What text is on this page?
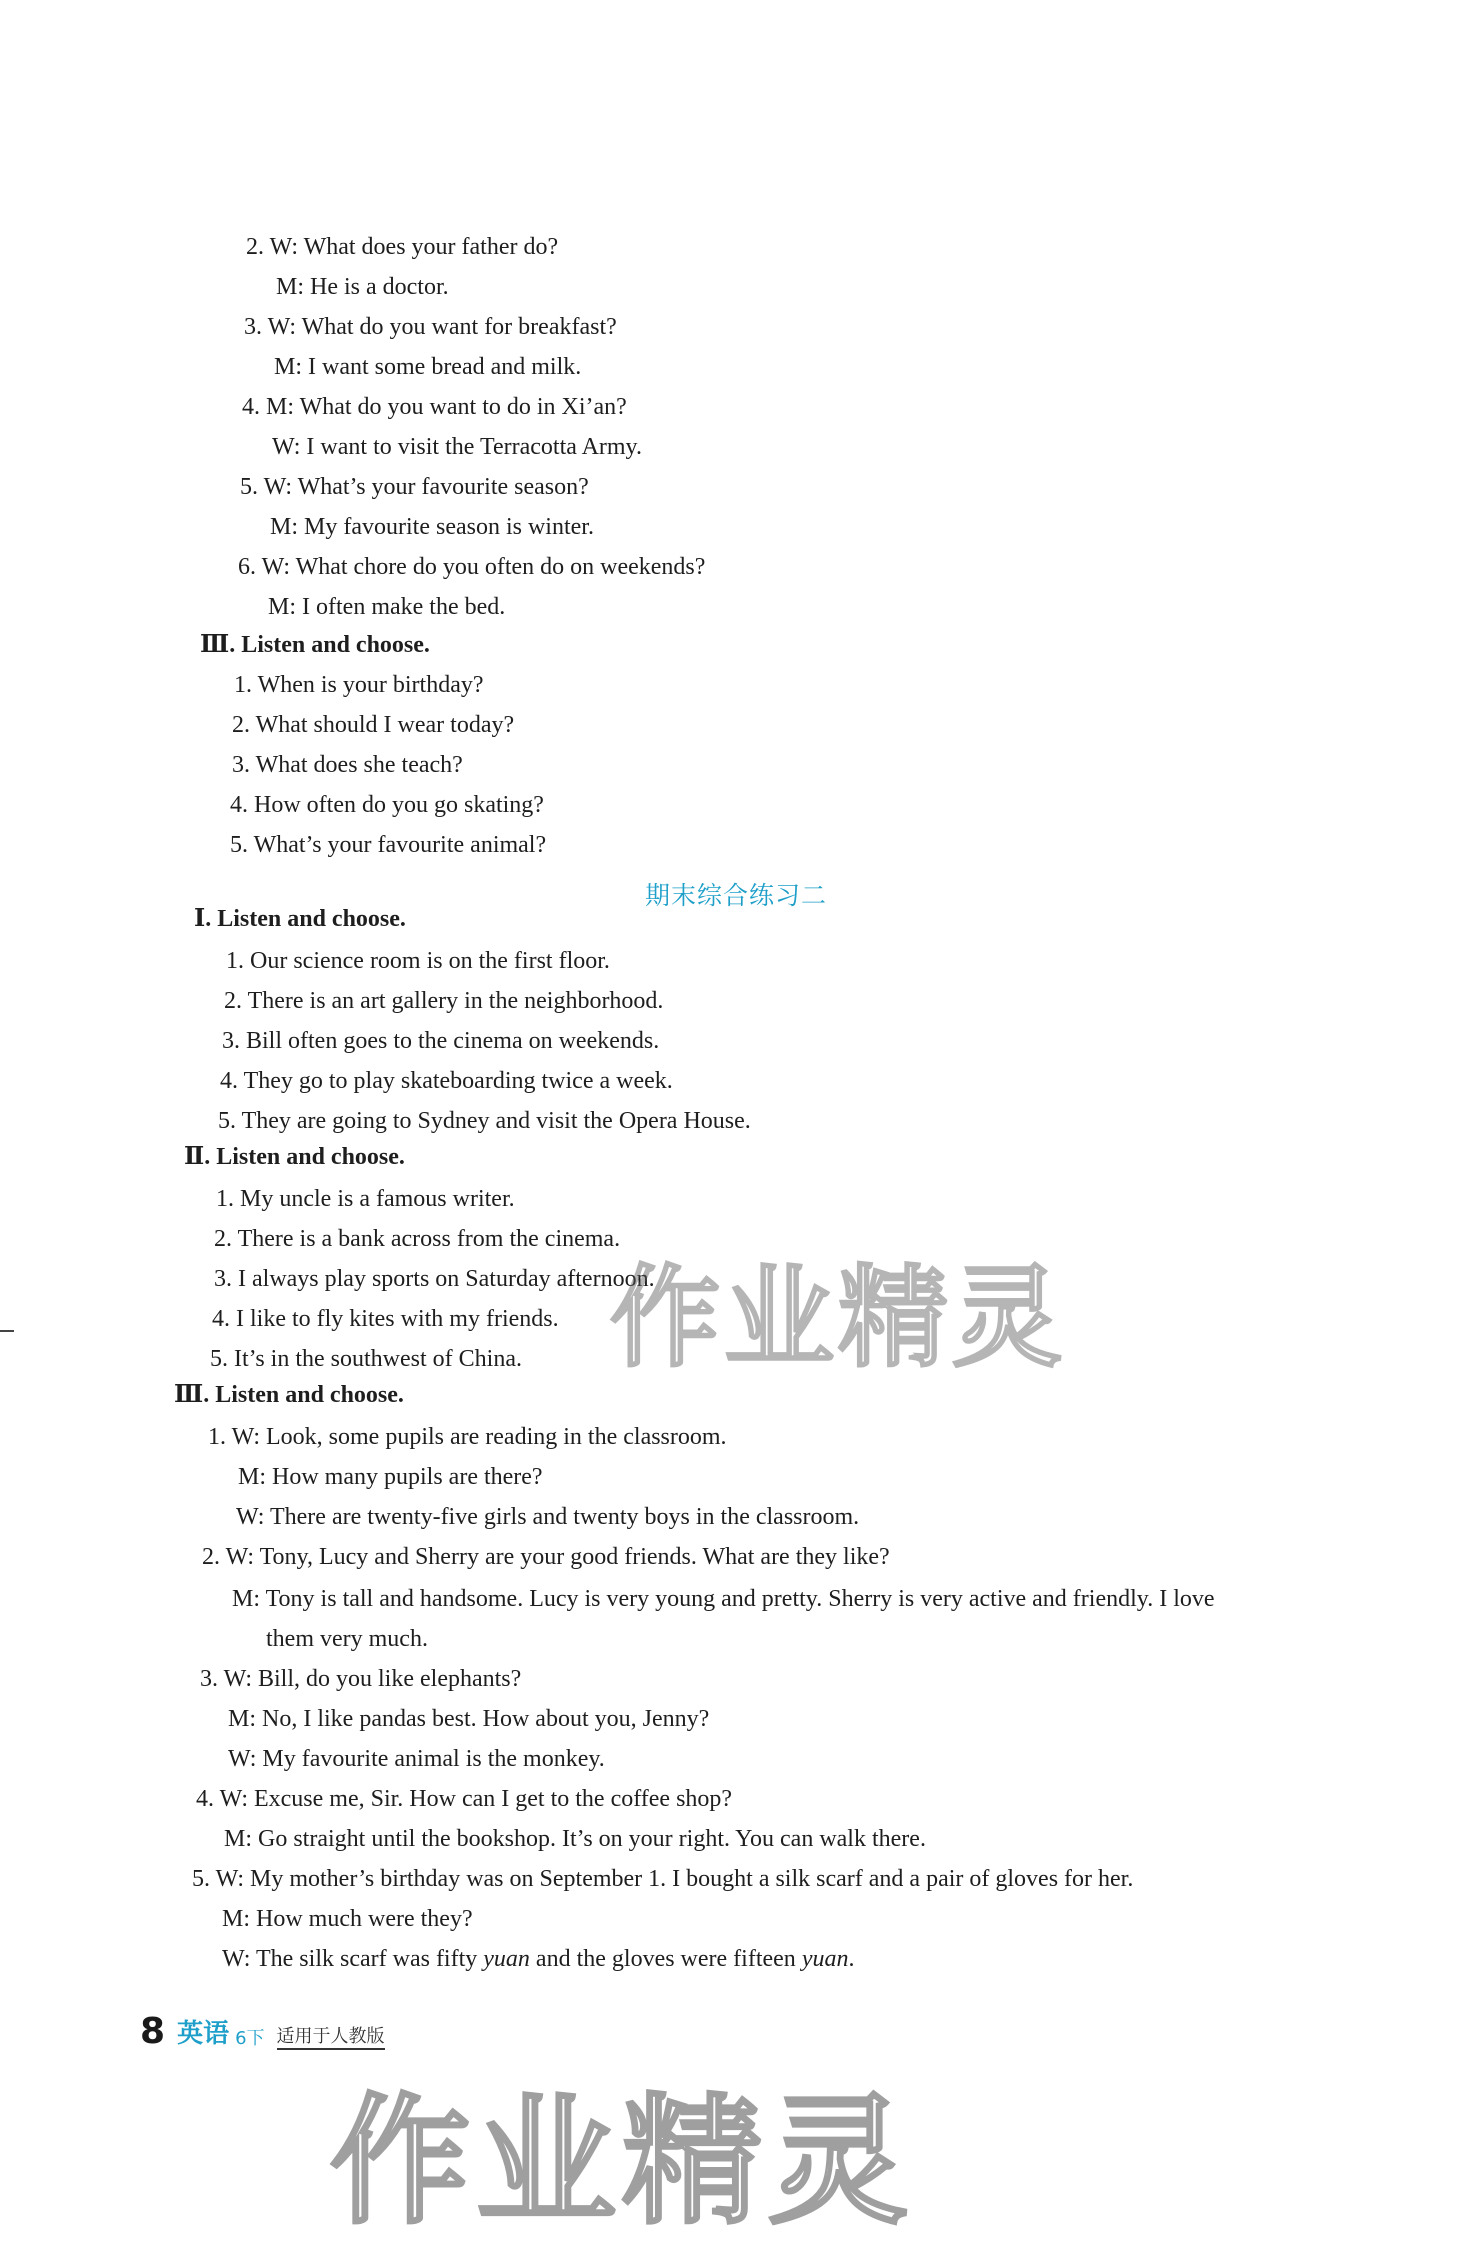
2. W: What does your father do?
M: He is a doctor.
3. W: What do you want for breakfast?
M: I want some bread and milk.
4. M: What do you want to do in Xi’an?
W: I want to visit the Terracotta Army.
5. W: What’s your favourite season?
M: My favourite season is winter.
6. W: What chore do you often do on weekends?
M: I often make the bed.
Ⅲ. Listen and choose.
1. When is your birthday?
2. What should I wear today?
3. What does she teach?
4. How often do you go skating?
5. What’s your favourite animal?
期末综合练习二
Ⅰ. Listen and choose.
1. Our science room is on the first floor.
2. There is an art gallery in the neighborhood.
3. Bill often goes to the cinema on weekends.
4. They go to play skateboarding twice a week.
5. They are going to Sydney and visit the Opera House.
Ⅱ. Listen and choose.
1. My uncle is a famous writer.
2. There is a bank across from the cinema.
3. I always play sports on Saturday afternoon.
4. I like to fly kites with my friends.
5. It’s in the southwest of China.
Ⅲ. Listen and choose.
1. W: Look, some pupils are reading in the classroom.
M: How many pupils are there?
W: There are twenty-five girls and twenty boys in the classroom.
2. W: Tony, Lucy and Sherry are your good friends. What are they like?
M: Tony is tall and handsome. Lucy is very young and pretty. Sherry is very active and friendly. I love
them very much.
3. W: Bill, do you like elephants?
M: No, I like pandas best. How about you, Jenny?
W: My favourite animal is the monkey.
4. W: Excuse me, Sir. How can I get to the coffee shop?
M: Go straight until the bookshop. It’s on your right. You can walk there.
5. W: My mother’s birthday was on September 1. I bought a silk scarf and a pair of gloves for her.
M: How much were they?
W: The silk scarf was fifty yuan and the gloves were fifteen yuan.
8 英语 6下 适用于人教版
作业精灵
作业精灵
